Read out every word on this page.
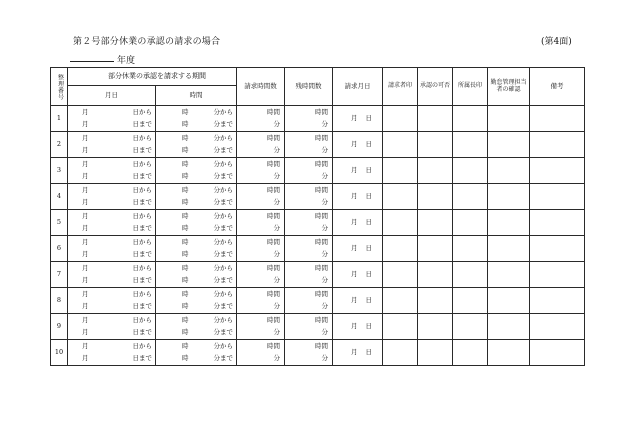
第２号部分休業の承認の請求の場合	(第4面)
年度
整理番号	部分休業の承認を請求する期間		請求時間数	残時間数	請求月日	請求者印	承認の可否	所属長印	勤怠管理担当者の確認	備考
	月日	時間								
1	月 日から	時 分から	時間	時間	月 日					

	月 日まで	時 分まで	分	分						
2	月 日から	時 分から	時間	時間	月 日					

	月 日まで	時 分まで	分	分						
3	月 日から	時 分から	時間	時間	月 日					

	月 日まで	時 分まで	分	分						
4	月 日から	時 分から	時間	時間	月 日					

	月 日まで	時 分まで	分	分						
5	月 日から	時 分から	時間	時間	月 日					

	月 日まで	時 分まで	分	分						
6	月 日から	時 分から	時間	時間	月 日					

	月 日まで	時 分まで	分	分						
7	月 日から	時 分から	時間	時間	月 日					

	月 日まで	時 分まで	分	分						
8	月 日から	時 分から	時間	時間	月 日					

	月 日まで	時 分まで	分	分						
9	月 日から	時 分から	時間	時間	月 日					

	月 日まで	時 分まで	分	分						
10	月 日から	時 分から	時間	時間	月 日					

	月 日まで	時 分まで	分	分						
